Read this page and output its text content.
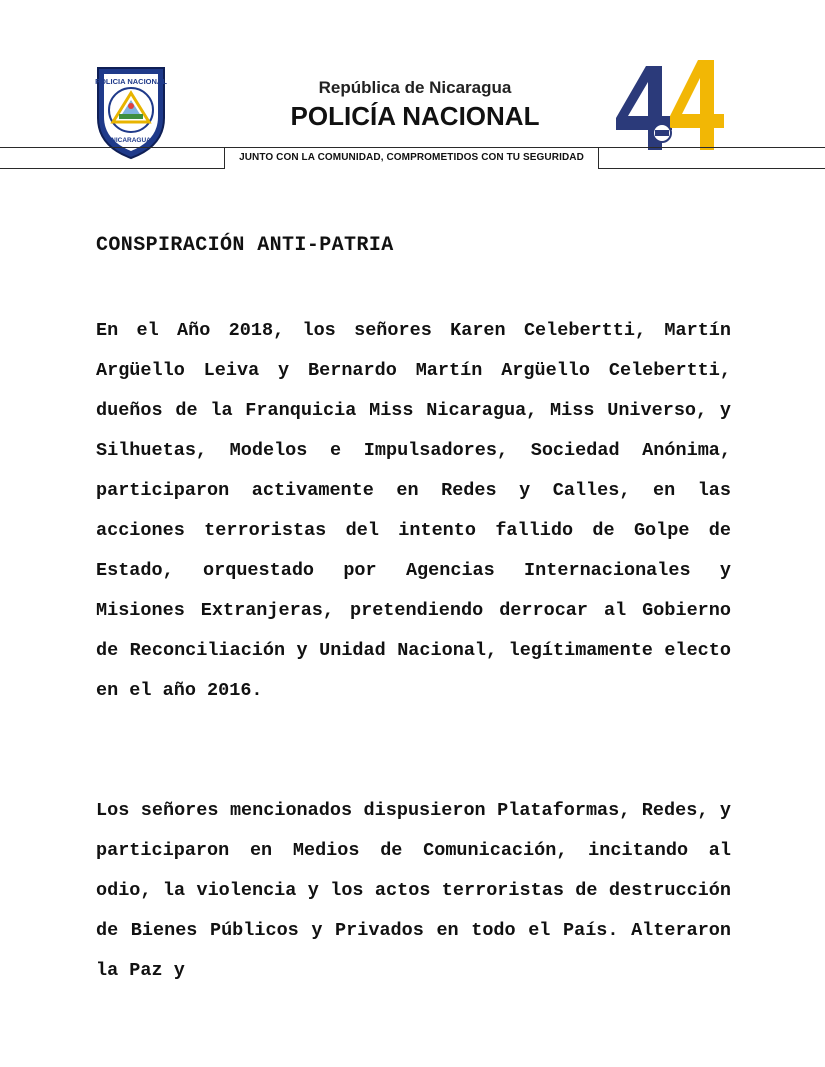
POLICIA NACIONAL
NICARAGUA
República de Nicaragua
POLICÍA NACIONAL
JUNTO CON LA COMUNIDAD, COMPROMETIDOS CON TU SEGURIDAD
CONSPIRACIÓN ANTI-PATRIA
En el Año 2018, los señores Karen Celebertti, Martín Argüello Leiva y Bernardo Martín Argüello Celebertti, dueños de la Franquicia Miss Nicaragua, Miss Universo, y Silhuetas, Modelos e Impulsadores, Sociedad Anónima, participaron activamente en Redes y Calles, en las acciones terroristas del intento fallido de Golpe de Estado, orquestado por Agencias Internacionales y Misiones Extranjeras, pretendiendo derrocar al Gobierno de Reconciliación y Unidad Nacional, legítimamente electo en el año 2016.
Los señores mencionados dispusieron Plataformas, Redes, y participaron en Medios de Comunicación, incitando al odio, la violencia y los actos terroristas de destrucción de Bienes Públicos y Privados en todo el País. Alteraron la Paz y
